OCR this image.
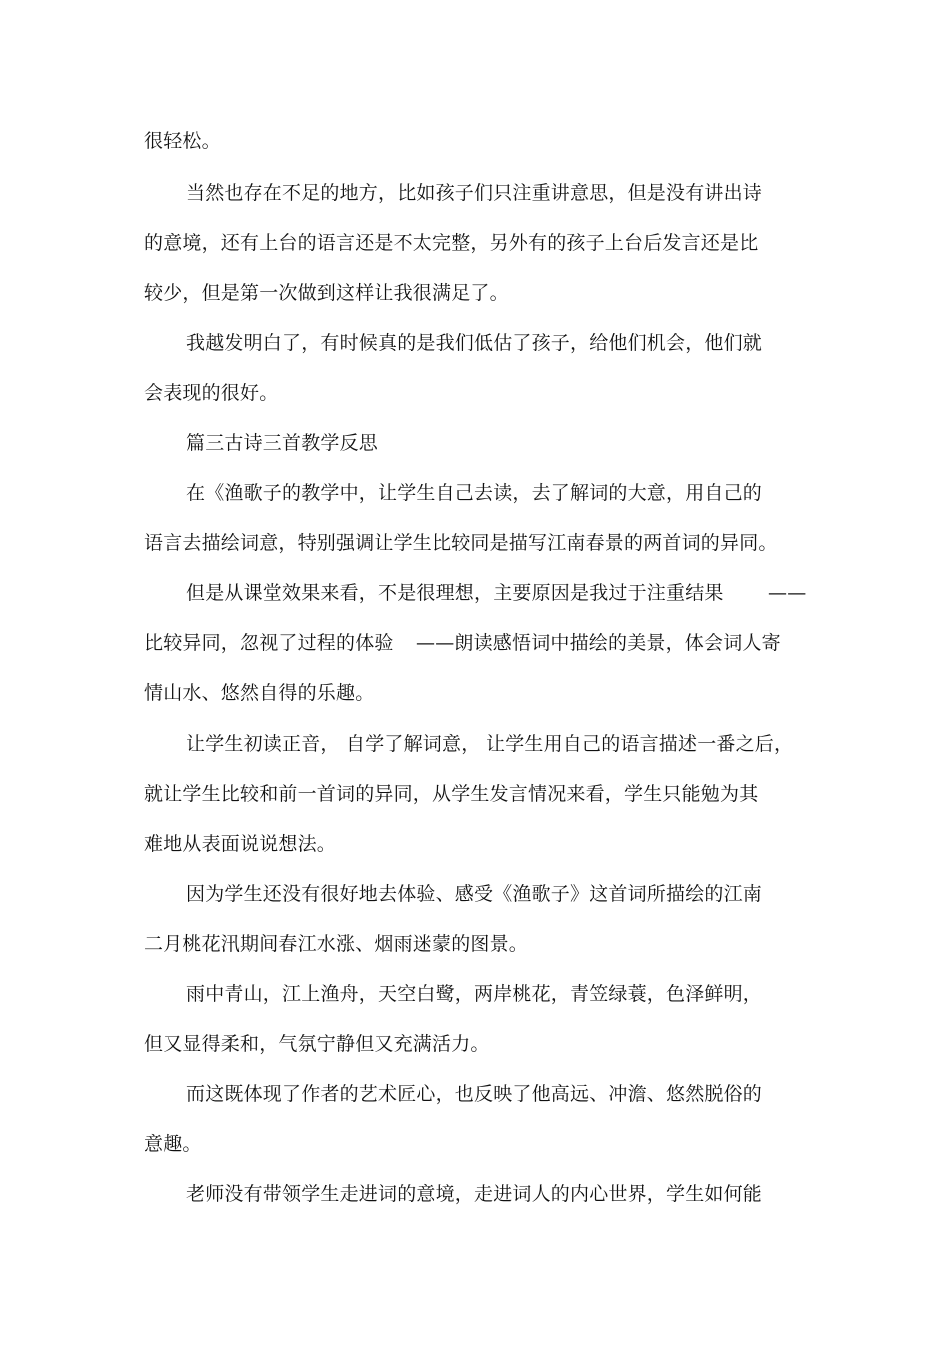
很轻松。
当然也存在不足的地方，比如孩子们只注重讲意思，但是没有讲出诗
的意境，还有上台的语言还是不太完整，另外有的孩子上台后发言还是比
较少，但是第一次做到这样让我很满足了。
我越发明白了，有时候真的是我们低估了孩子，给他们机会，他们就
会表现的很好。
篇三古诗三首教学反思
在《渔歌子的教学中，让学生自己去读，去了解词的大意，用自己的
语言去描绘词意，特别强调让学生比较同是描写江南春景的两首词的异同。
但是从课堂效果来看，不是很理想，主要原因是我过于注重结果 ——
比较异同，忽视了过程的体验 ——朗读感悟词中描绘的美景，体会词人寄
情山水、悠然自得的乐趣。
让学生初读正音， 自学了解词意， 让学生用自己的语言描述一番之后，
就让学生比较和前一首词的异同，从学生发言情况来看，学生只能勉为其
难地从表面说说想法。
因为学生还没有很好地去体验、感受《渔歌子》这首词所描绘的江南
二月桃花汛期间春江水涨、烟雨迷蒙的图景。
雨中青山，江上渔舟，天空白鹭，两岸桃花，青笠绿蓑，色泽鲜明，
但又显得柔和，气氛宁静但又充满活力。
而这既体现了作者的艺术匠心，也反映了他高远、冲澹、悠然脱俗的
意趣。
老师没有带领学生走进词的意境，走进词人的内心世界，学生如何能
